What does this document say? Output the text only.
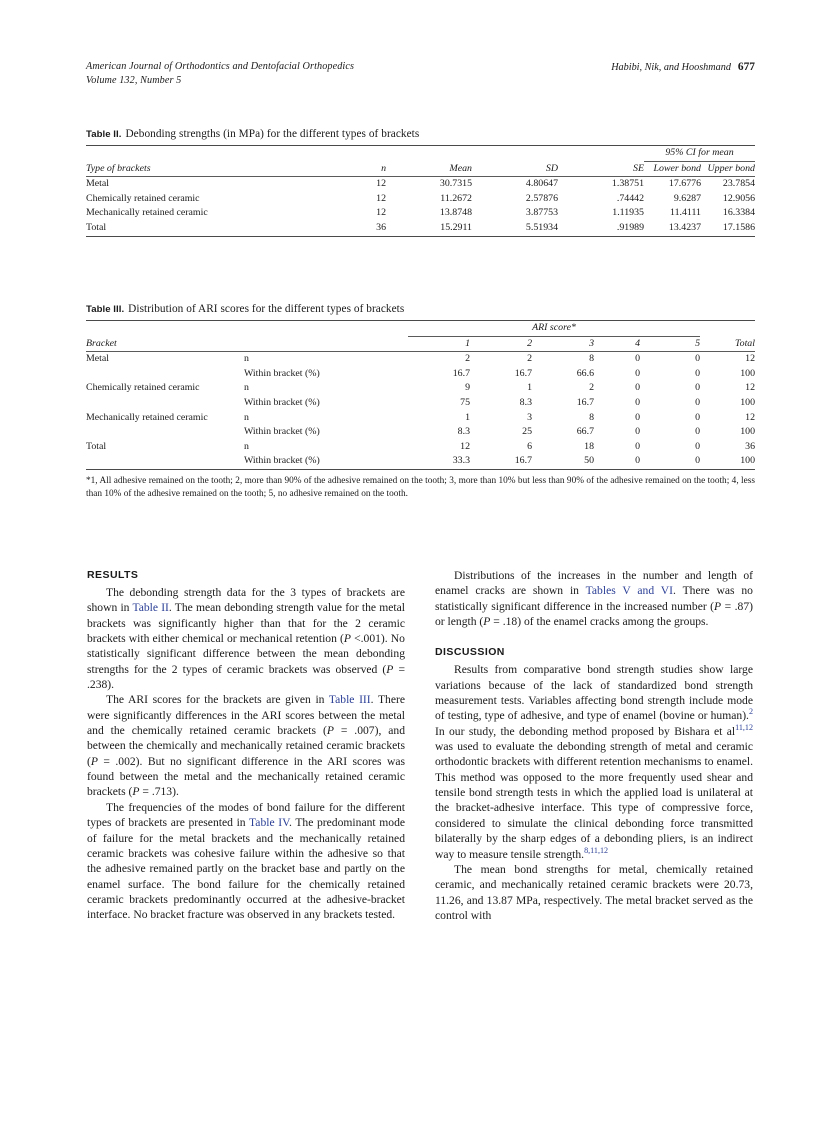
American Journal of Orthodontics and Dentofacial Orthopedics
Volume 132, Number 5
Habibi, Nik, and Hooshmand 677
Table II. Debonding strengths (in MPa) for the different types of brackets
					95% CI for mean	
Type of brackets	n	Mean	SD	SE	Lower bond	Upper bond
Metal	12	30.7315	4.80647	1.38751	17.6776	23.7854
Chemically retained ceramic	12	11.2672	2.57876	.74442	9.6287	12.9056
Mechanically retained ceramic	12	13.8748	3.87753	1.11935	11.4111	16.3384
Total	36	15.2911	5.51934	.91989	13.4237	17.1586
Table III. Distribution of ARI scores for the different types of brackets
		ARI score*					
Bracket		1	2	3	4	5	Total
Metal	n	2	2	8	0	0	12
	Within bracket (%)	16.7	16.7	66.6	0	0	100
Chemically retained ceramic	n	9	1	2	0	0	12
	Within bracket (%)	75	8.3	16.7	0	0	100
Mechanically retained ceramic	n	1	3	8	0	0	12
	Within bracket (%)	8.3	25	66.7	0	0	100
Total	n	12	6	18	0	0	36
	Within bracket (%)	33.3	16.7	50	0	0	100
*1, All adhesive remained on the tooth; 2, more than 90% of the adhesive remained on the tooth; 3, more than 10% but less than 90% of the adhesive remained on the tooth; 4, less than 10% of the adhesive remained on the tooth; 5, no adhesive remained on the tooth.
RESULTS

The debonding strength data for the 3 types of brackets are shown in Table II. The mean debonding strength value for the metal brackets was significantly higher than that for the 2 ceramic brackets with either chemical or mechanical retention (P <.001). No statistically significant difference between the mean debonding strengths for the 2 types of ceramic brackets was observed (P = .238).

The ARI scores for the brackets are given in Table III. There were significantly differences in the ARI scores between the metal and the chemically retained ceramic brackets (P = .007), and between the chemically and mechanically retained ceramic brackets (P = .002). But no significant difference in the ARI scores was found between the metal and the mechanically retained ceramic brackets (P = .713).

The frequencies of the modes of bond failure for the different types of brackets are presented in Table IV. The predominant mode of failure for the metal brackets and the mechanically retained ceramic brackets was cohesive failure within the adhesive so that the adhesive remained partly on the bracket base and partly on the enamel surface. The bond failure for the chemically retained ceramic brackets predominantly occurred at the adhesive-bracket interface. No bracket fracture was observed in any brackets tested.

Distributions of the increases in the number and length of enamel cracks are shown in Tables V and VI. There was no statistically significant difference in the increased number (P = .87) or length (P = .18) of the enamel cracks among the groups.

DISCUSSION

Results from comparative bond strength studies show large variations because of the lack of standardized bond strength measurement tests. Variables affecting bond strength include mode of testing, type of adhesive, and type of enamel (bovine or human).$^2$ In our study, the debonding method proposed by Bishara et al$^{11,12}$ was used to evaluate the debonding strength of metal and ceramic orthodontic brackets with different retention mechanisms to enamel. This method was opposed to the more frequently used shear and tensile bond strength tests in which the applied load is unilateral at the bracket-adhesive interface. This type of compressive force, considered to simulate the clinical debonding force transmitted bilaterally by the sharp edges of a debonding pliers, is an indirect way to measure tensile strength.$^{8,11,12}$

The mean bond strengths for metal, chemically retained ceramic, and mechanically retained ceramic brackets were 20.73, 11.26, and 13.87 MPa, respectively. The metal bracket served as the control with
